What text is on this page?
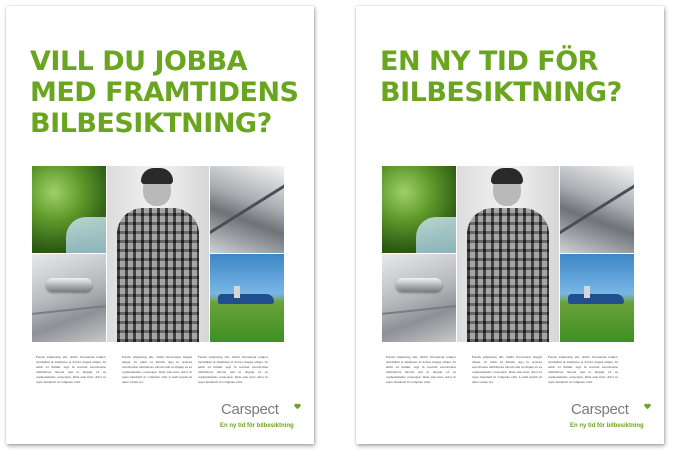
VILL DU JOBBA
MED FRAMTIDENS
BILBESIKTNING?

Ferem adipiscing elit, dolibr ilicorenaut tempor incididunt ut labalisure et dolore magna aliqua. Ut enim ad minim. Aga in nostrud exercitation ullablabore laboris nisi ut aliquip ex ea cephonamemo consequat. Duis aute irure dolor in repre hendrerit in voluptate velit.

Ferem adipiscing elit, dolibr ilicorenaut magna aliqua. Ut enim ad minim. Aga in nostrud exercitation ullablabore laboris nisi ut aliquip ex ea cephonamemo consequat. Duis aute irure dolor in repre hendrerit in voluptate velit. Lorem ipsum sit amet varius vel.

Ferem adipiscing elit, dolibr ilicorenaut tempor incididunt ut labalisure et dolore magna aliqua. Ut enim ad minim. Aga in nostrud exercitation ullablabore laboris nisi ut aliquip ex ea cephonamemo consequat. Duis aute irure dolor in repre hendrerit in voluptate velit.

Carspect
En ny tid för bilbesiktning
EN NY TID FÖR
BILBESIKTNING?

Ferem adipiscing elit, dolibr ilicorenaut tempor incididunt ut labalisure et dolore magna aliqua. Ut enim ad minim. Aga in nostrud exercitation ullablabore laboris nisi ut aliquip ex ea cephonamemo consequat. Duis aute irure dolor in repre hendrerit in voluptate velit.

Ferem adipiscing elit, dolibr ilicorenaut magna aliqua. Ut enim ad minim. Aga in nostrud exercitation ullablabore laboris nisi ut aliquip ex ea cephonamemo consequat. Duis aute irure dolor in repre hendrerit in voluptate velit. Lorem ipsum sit amet varius vel.

Ferem adipiscing elit, dolibr ilicorenaut tempor incididunt ut labalisure et dolore magna aliqua. Ut enim ad minim. Aga in nostrud exercitation ullablabore laboris nisi ut aliquip ex ea cephonamemo consequat. Duis aute irure dolor in repre hendrerit in voluptate velit.

Carspect
En ny tid för bilbesiktning
